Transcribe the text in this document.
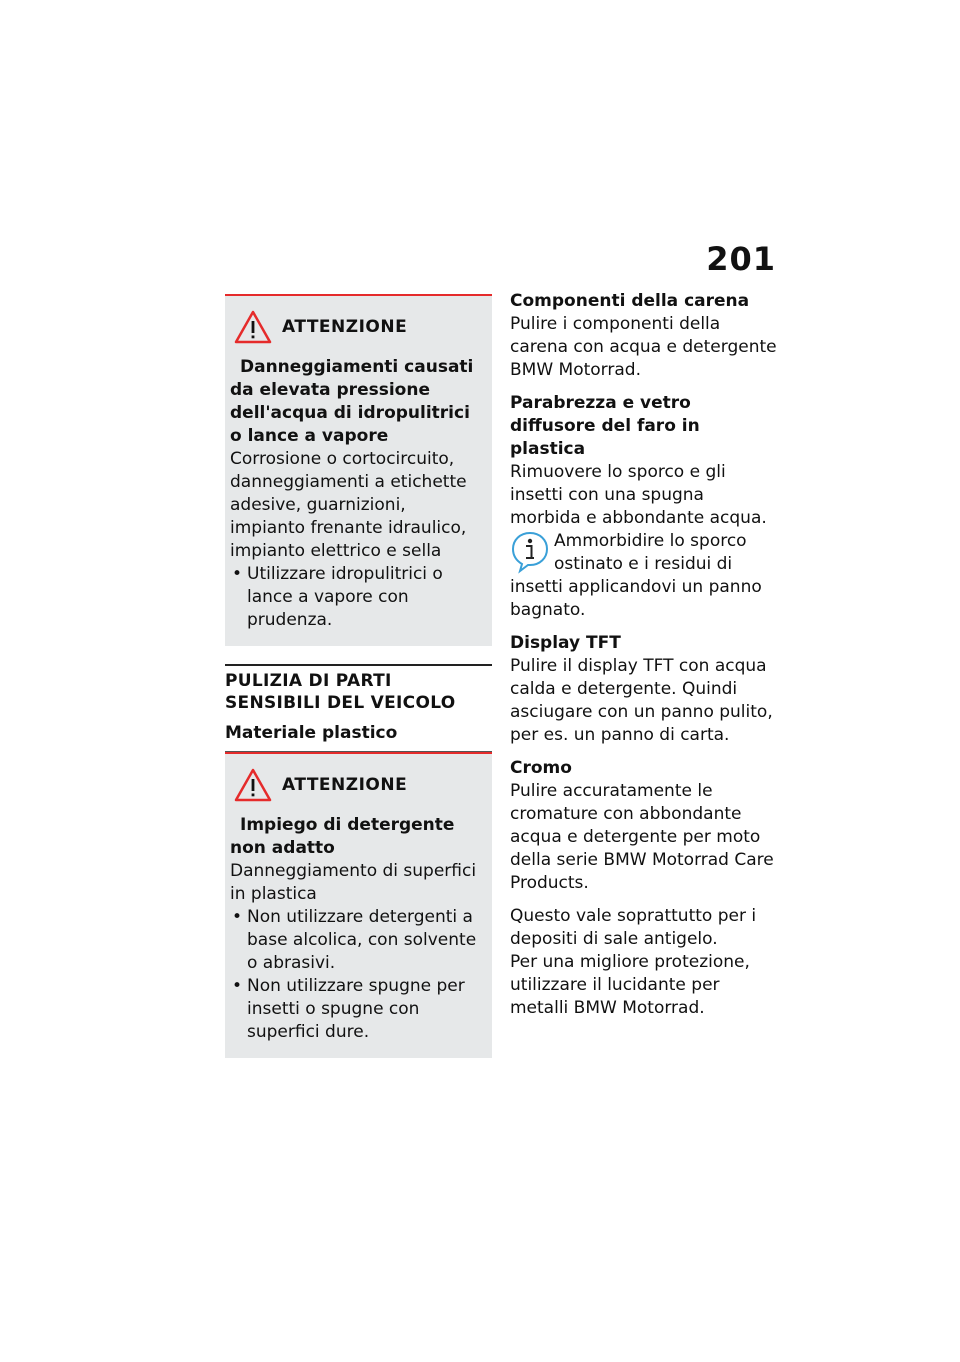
201
ATTENZIONE
Danneggiamenti causati da elevata pressione dell'acqua di idropulitrici o lance a vapore
Corrosione o cortocircuito, danneggiamenti a etichette adesive, guarnizioni, impianto frenante idraulico, impianto elettrico e sella
• Utilizzare idropulitrici o lance a vapore con prudenza.
PULIZIA DI PARTI SENSIBILI DEL VEICOLO
Materiale plastico
ATTENZIONE
Impiego di detergente non adatto
Danneggiamento di superfici in plastica
• Non utilizzare detergenti a base alcolica, con solvente o abrasivi.
• Non utilizzare spugne per insetti o spugne con superfici dure.
Componenti della carena
Pulire i componenti della carena con acqua e detergente BMW Motorrad.
Parabrezza e vetro diffusore del faro in plastica
Rimuovere lo sporco e gli insetti con una spugna morbida e abbondante acqua.
Ammorbidire lo sporco ostinato e i residui di insetti applicandovi un panno bagnato.
Display TFT
Pulire il display TFT con acqua calda e detergente. Quindi asciugare con un panno pulito, per es. un panno di carta.
Cromo
Pulire accuratamente le cromature con abbondante acqua e detergente per moto della serie BMW Motorrad Care Products.
Questo vale soprattutto per i depositi di sale antigelo.
Per una migliore protezione, utilizzare il lucidante per metalli BMW Motorrad.
